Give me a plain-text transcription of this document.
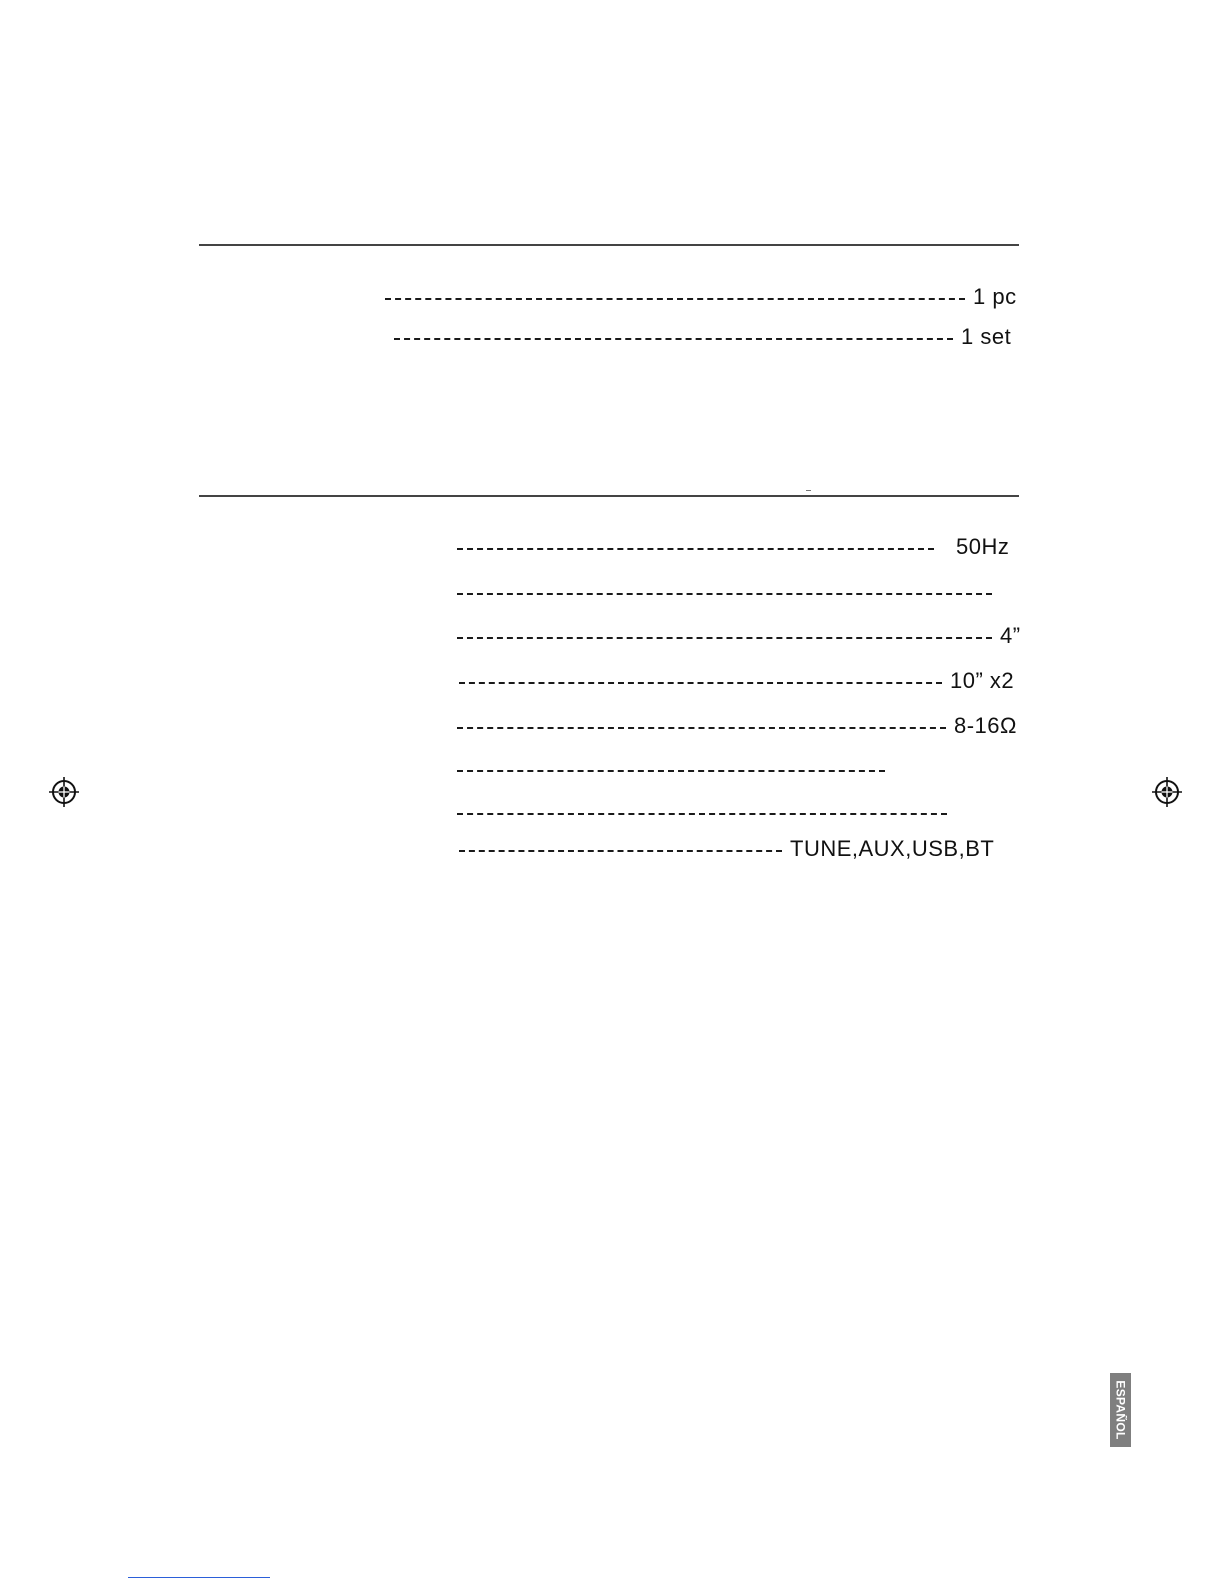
1 pc
1 set
50Hz
4”
10” x2
8-16Ω
TUNE,AUX,USB,BT
ESPAÑOL
